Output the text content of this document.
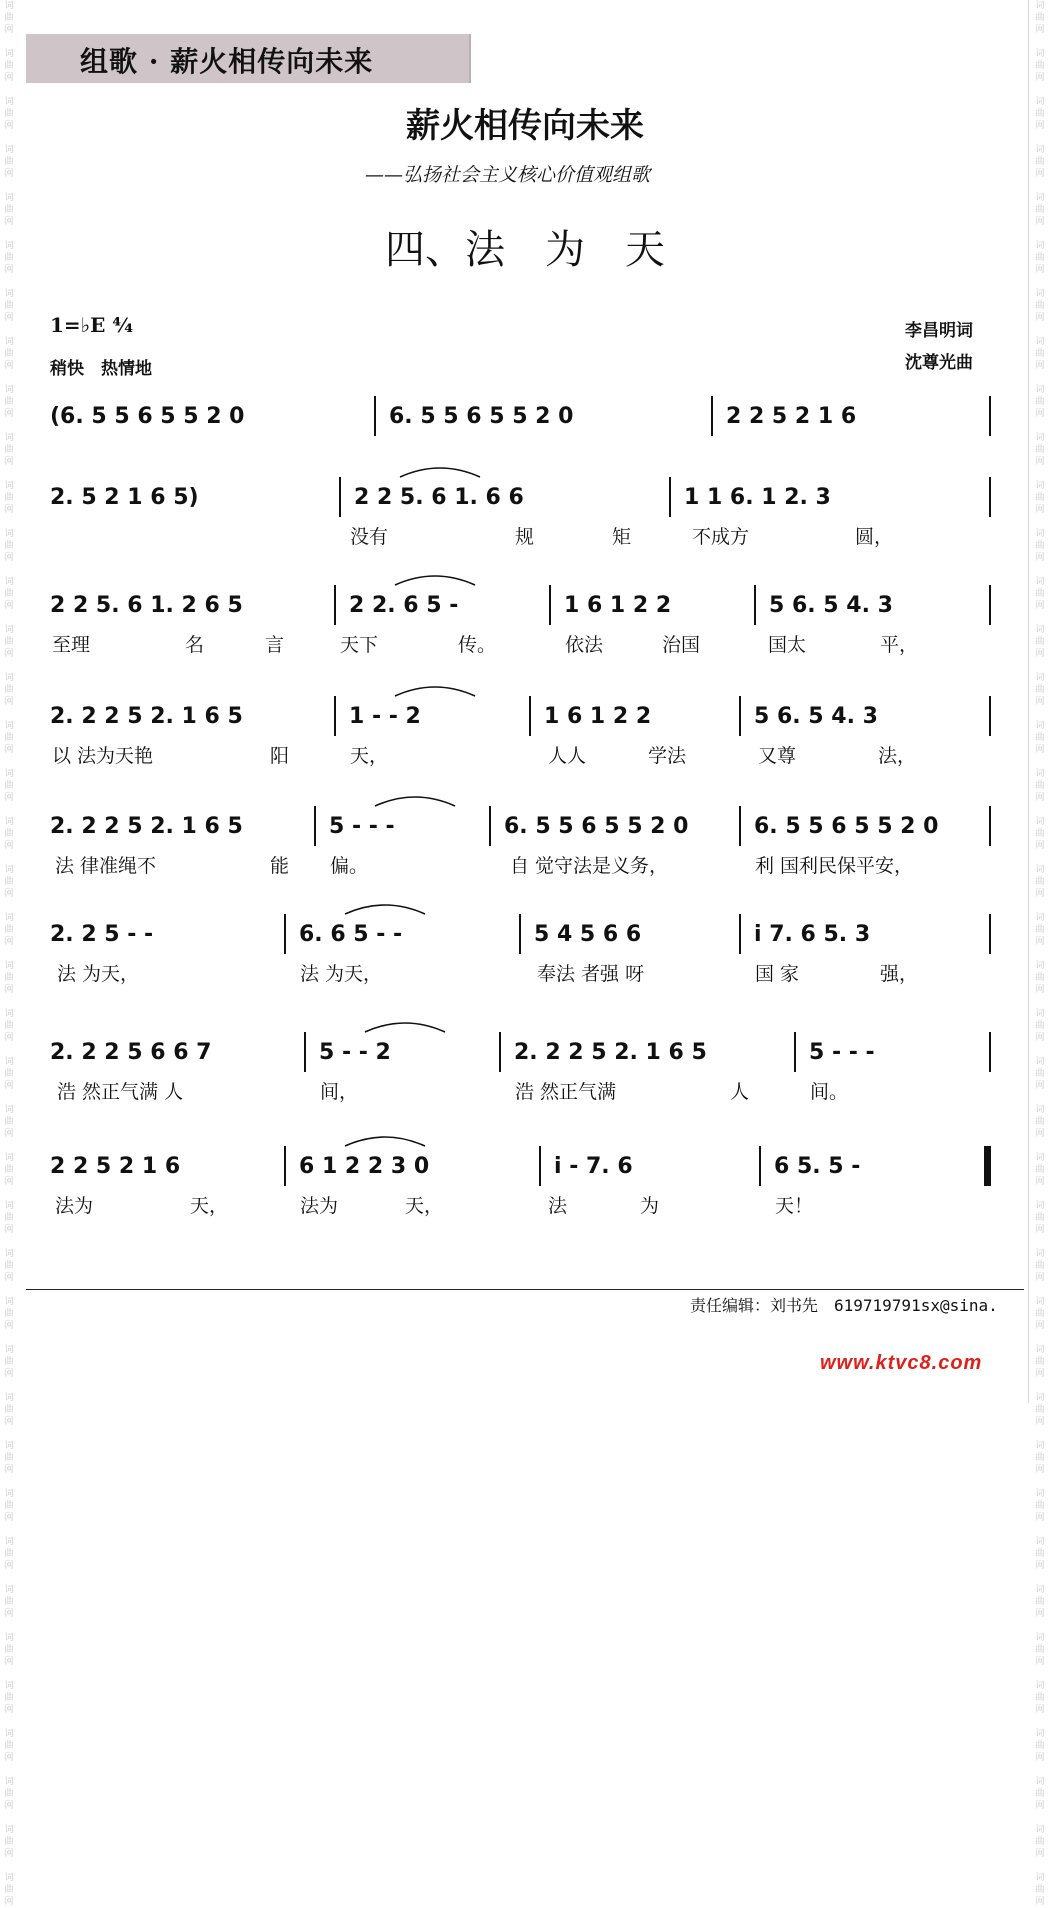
词
曲
网

词
曲
网

词
曲
网

词
曲
网

词
曲
网

词
曲
网

词
曲
网

词
曲
网

词
曲
网

词
曲
网

词
曲
网

词
曲
网

词
曲
网

词
曲
网

词
曲
网

词
曲
网

词
曲
网

词
曲
网

词
曲
网

词
曲
网

词
曲
网

词
曲
网

词
曲
网

词
曲
网

词
曲
网

词
曲
网

词
曲
网

词
曲
网

词
曲
网

词
曲
网

词
曲
网

词
曲
网

词
曲
网

词
曲
网

词
曲
网

词
曲
网

词
曲
网

词
曲
网

词
曲
网

词
曲
网

词
曲
网

词
曲
网

词
曲
网

词
曲
网

词
曲
网

词
曲
网

词
曲
网

词
曲
网

词
曲
网

词
曲
网

词
曲
网

词
曲
网

词
曲
网

词
曲
网

词
曲
网

词
曲
网

词
曲
网

词
曲
网

词
曲
网

词
曲
网

词
曲
网

词
曲
网

词
曲
网

词
曲
网

词
曲
网

词
曲
网

词
曲
网

词
曲
网

词
曲
网

词
曲
网

词
曲
网

词
曲
网

词
曲
网

词
曲
网

词
曲
网

词
曲
网

词
曲
网

词
曲
网

词
曲
网

词
曲
网

组歌 · 薪火相传向未来
薪火相传向未来
——弘扬社会主义核心价值观组歌
四、法　为　天
1=♭E ⁴⁄₄
稍快　热情地
李昌明词
沈尊光曲
(6. 5 5 6 5 5 2 0	6. 5 5 6 5 5 2 0	2 2 5 2 1 6
2. 5 2 1 6 5)	2 2 5. 6 1. 6 6	1 1 6. 1 2. 3
没有	规	矩	不成方	圆，
2 2 5. 6 1. 2 6 5	2 2. 6 5 -	1 6 1 2 2	5 6. 5 4. 3
至理	名	言	天下	传。	依法	治国	国太	平，
2. 2 2 5 2. 1 6 5	1 - - 2	1 6 1 2 2	5 6. 5 4. 3
以 法为天艳	阳	天，	人人	学法	又尊	法，
2. 2 2 5 2. 1 6 5	5 - - -	6. 5 5 6 5 5 2 0	6. 5 5 6 5 5 2 0
法 律准绳不	能 偏。	自 觉守法是义务，	利 国利民保平安，
2. 2 5 - -	6. 6 5 - -	5 4 5 6 6	i 7. 6 5. 3
法 为天，	法 为天，	奉法 者强 呀	国 家	强，
2. 2 2 5 6 6 7	5 - - 2	2. 2 2 5 2. 1 6 5	5 - - -
浩 然正气满 人	间，	浩 然正气满	人	间。
2 2 5 2 1 6	6 1 2 2 3 0	i - 7. 6	6 5. 5 -
法为	天，	法为	天，	法	为	天！
责任编辑：刘书先　619719791sx@sina.
www.ktvc8.com
